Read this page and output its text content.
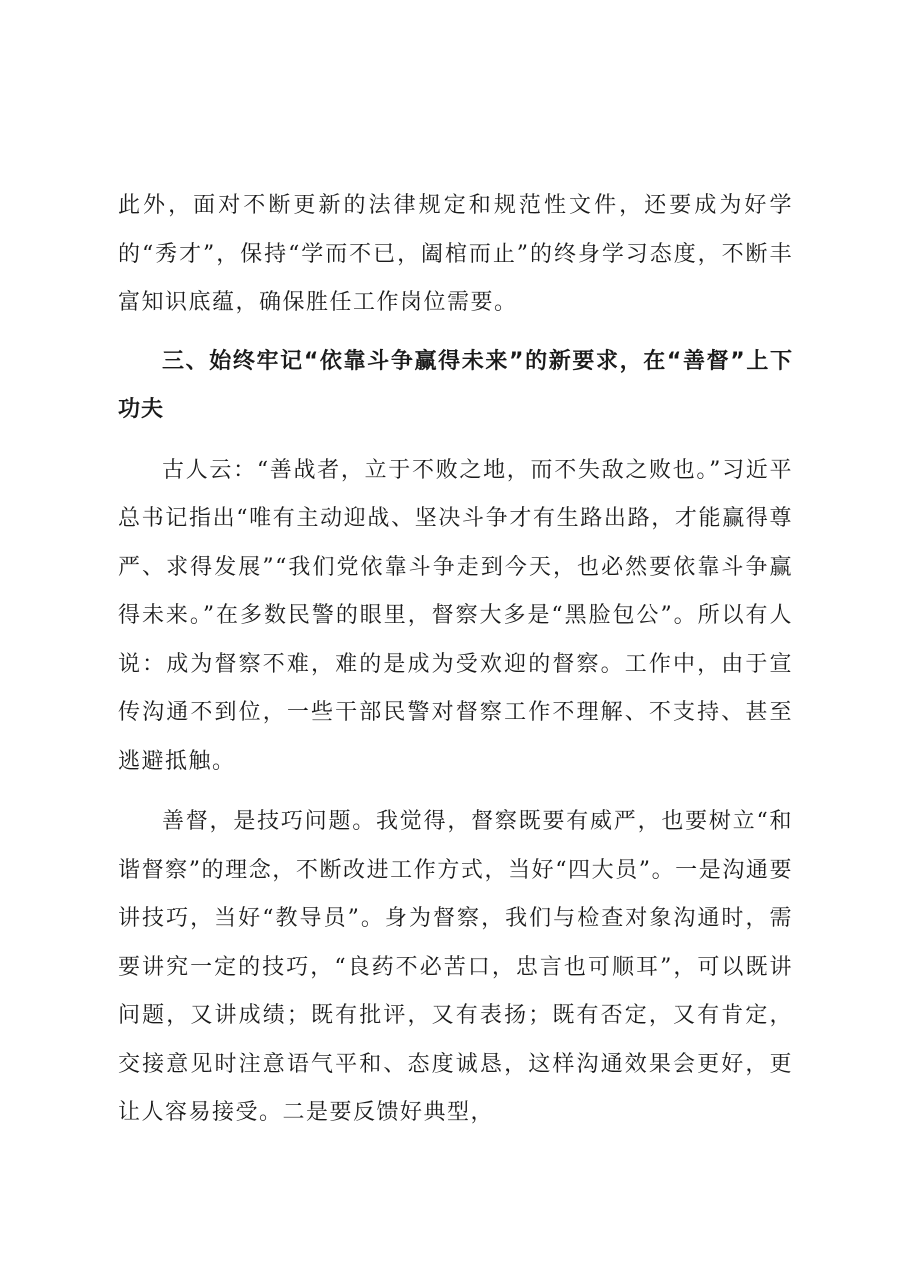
此外，面对不断更新的法律规定和规范性文件，还要成为好学的“秀才”，保持“学而不已，阖棺而止”的终身学习态度，不断丰富知识底蕴，确保胜任工作岗位需要。

三、始终牢记“依靠斗争赢得未来”的新要求，在“善督”上下功夫

古人云：“善战者，立于不败之地，而不失敌之败也。”习近平总书记指出“唯有主动迎战、坚决斗争才有生路出路，才能赢得尊严、求得发展”“我们党依靠斗争走到今天，也必然要依靠斗争赢得未来。”在多数民警的眼里，督察大多是“黑脸包公”。所以有人说：成为督察不难，难的是成为受欢迎的督察。工作中，由于宣传沟通不到位，一些干部民警对督察工作不理解、不支持、甚至逃避抵触。

善督，是技巧问题。我觉得，督察既要有威严，也要树立“和谐督察”的理念，不断改进工作方式，当好“四大员”。一是沟通要讲技巧，当好“教导员”。身为督察，我们与检查对象沟通时，需要讲究一定的技巧，“良药不必苦口，忠言也可顺耳”，可以既讲问题，又讲成绩；既有批评，又有表扬；既有否定，又有肯定，交接意见时注意语气平和、态度诚恳，这样沟通效果会更好，更让人容易接受。二是要反馈好典型，
